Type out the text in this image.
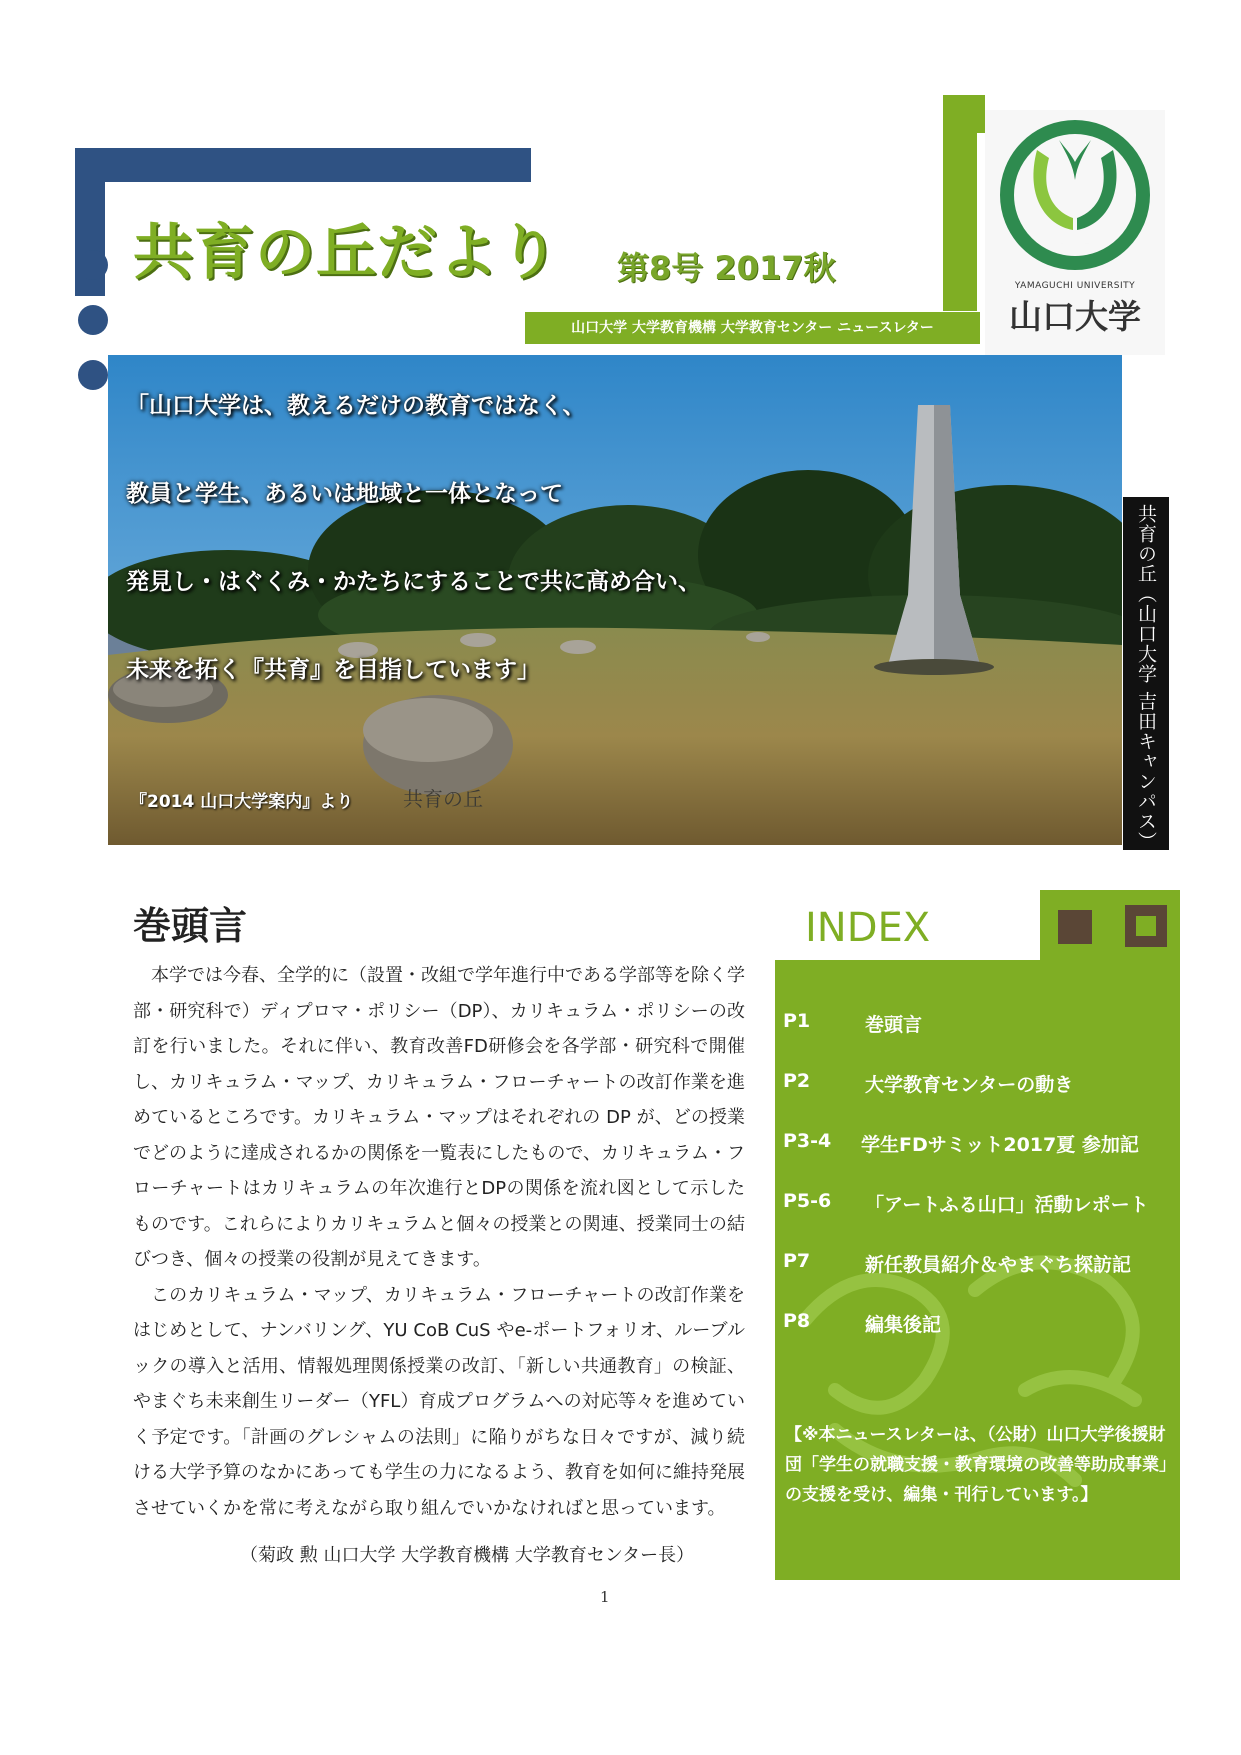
山口大学 大学教育機構 大学教育センター ニュースレター
共育の丘だより 第8号 2017秋	YAMAGUCHI UNIVERSITY
山口大学
「山口大学は、教えるだけの教育ではなく、
教員と学生、あるいは地域と一体となって
発見し・はぐくみ・かたちにすることで共に高め合い、
未来を拓く『共育』を目指しています」
『2014 山口大学案内』より 共育の丘	共育の丘（山口大学 吉田キャンパス）
巻頭言

本学では今春、全学的に（設置・改組で学年進行中である学部等を除く学部・研究科で）ディプロマ・ポリシー（DP）、カリキュラム・ポリシーの改訂を行いました。それに伴い、教育改善FD研修会を各学部・研究科で開催し、カリキュラム・マップ、カリキュラム・フローチャートの改訂作業を進めているところです。カリキュラム・マップはそれぞれの DP が、どの授業でどのように達成されるかの関係を一覧表にしたもので、カリキュラム・フローチャートはカリキュラムの年次進行とDPの関係を流れ図として示したものです。これらによりカリキュラムと個々の授業との関連、授業同士の結びつき、個々の授業の役割が見えてきます。

このカリキュラム・マップ、カリキュラム・フローチャートの改訂作業をはじめとして、ナンバリング、YU CoB CuS やe-ポートフォリオ、ルーブルックの導入と活用、情報処理関係授業の改訂、「新しい共通教育」の検証、やまぐち未来創生リーダー（YFL）育成プログラムへの対応等々を進めていく予定です。「計画のグレシャムの法則」に陥りがちな日々ですが、減り続ける大学予算のなかにあっても学生の力になるよう、教育を如何に維持発展させていくかを常に考えながら取り組んでいかなければと思っています。

（菊政 勲 山口大学 大学教育機構 大学教育センター長）
INDEX
P1	巻頭言
P2	大学教育センターの動き
P3-4 学生FDサミット2017夏 参加記
P5-6 「アートふる山口」活動レポート
P7	新任教員紹介＆やまぐち探訪記
P8	編集後記
【※本ニュースレターは、（公財）山口大学後援財団「学生の就職支援・教育環境の改善等助成事業」の支援を受け、編集・刊行しています。】
1
